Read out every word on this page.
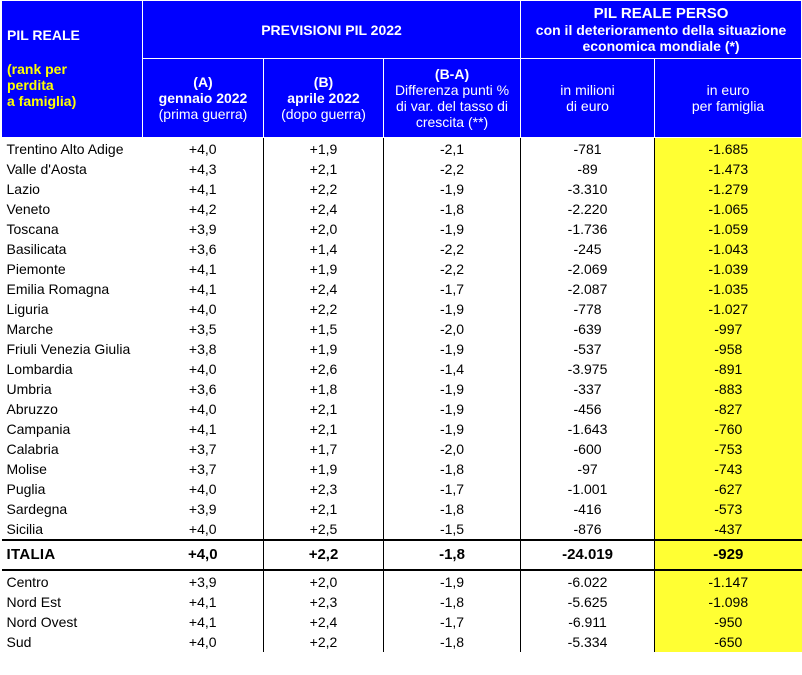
PIL REALE
(rank per
perdita
a famiglia)	PREVISIONI PIL 2022			PIL REALE PERSO
con il deterioramento della situazione
economica mondiale (*)	
	(A)
gennaio 2022
(prima guerra)	(B)
aprile 2022
(dopo guerra)	(B-A)
Differenza punti %
di var. del tasso di
crescita (**)	in milioni
di euro	in euro
per famiglia
Trentino Alto Adige	+4,0	+1,9	-2,1	-781	-1.685
Valle d'Aosta	+4,3	+2,1	-2,2	-89	-1.473
Lazio	+4,1	+2,2	-1,9	-3.310	-1.279
Veneto	+4,2	+2,4	-1,8	-2.220	-1.065
Toscana	+3,9	+2,0	-1,9	-1.736	-1.059
Basilicata	+3,6	+1,4	-2,2	-245	-1.043
Piemonte	+4,1	+1,9	-2,2	-2.069	-1.039
Emilia Romagna	+4,1	+2,4	-1,7	-2.087	-1.035
Liguria	+4,0	+2,2	-1,9	-778	-1.027
Marche	+3,5	+1,5	-2,0	-639	-997
Friuli Venezia Giulia	+3,8	+1,9	-1,9	-537	-958
Lombardia	+4,0	+2,6	-1,4	-3.975	-891
Umbria	+3,6	+1,8	-1,9	-337	-883
Abruzzo	+4,0	+2,1	-1,9	-456	-827
Campania	+4,1	+2,1	-1,9	-1.643	-760
Calabria	+3,7	+1,7	-2,0	-600	-753
Molise	+3,7	+1,9	-1,8	-97	-743
Puglia	+4,0	+2,3	-1,7	-1.001	-627
Sardegna	+3,9	+2,1	-1,8	-416	-573
Sicilia	+4,0	+2,5	-1,5	-876	-437
ITALIA	+4,0	+2,2	-1,8	-24.019	-929
Centro	+3,9	+2,0	-1,9	-6.022	-1.147
Nord Est	+4,1	+2,3	-1,8	-5.625	-1.098
Nord Ovest	+4,1	+2,4	-1,7	-6.911	-950
Sud	+4,0	+2,2	-1,8	-5.334	-650
